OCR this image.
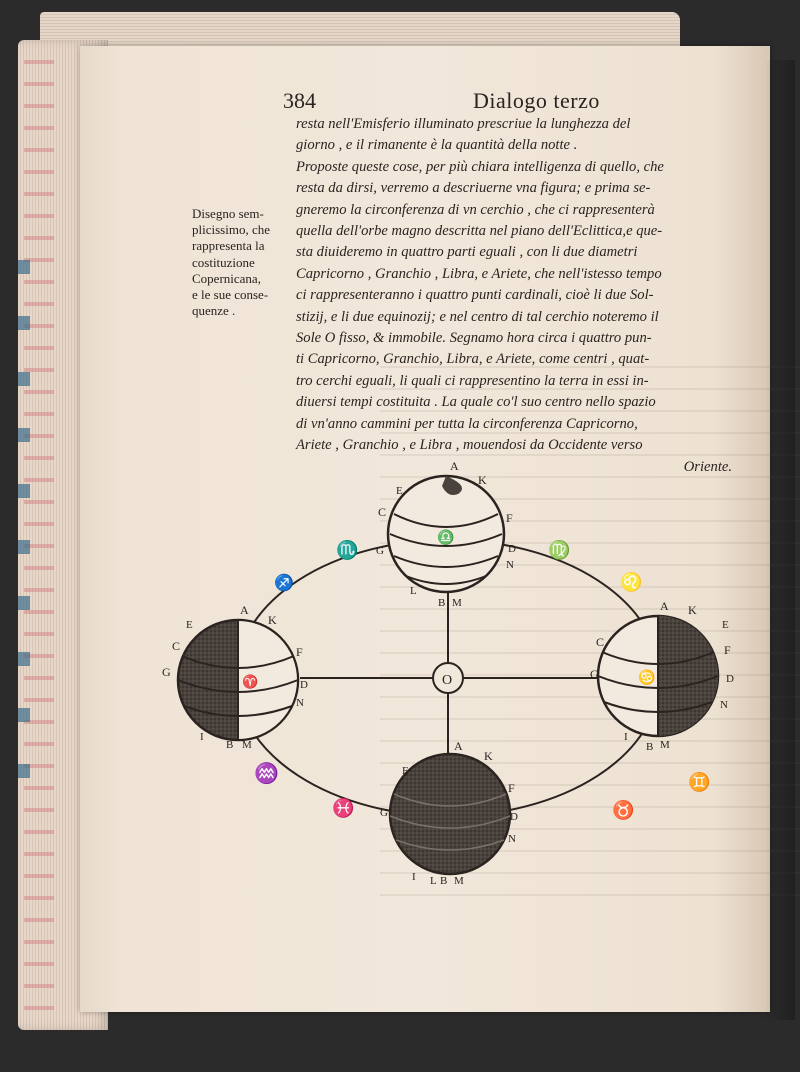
384	Dialogo terzo
Disegno sem-
plicissimo, che
rappresenta la
costituzione
Copernicana,
e le sue conse-
quenze .
resta nell'Emisferio illuminato prescriue la lunghezza del
giorno , e il rimanente è la quantità della notte .
Proposte queste cose, per più chiara intelligenza di quello, che
resta da dirsi, verremo a descriuerne vna figura; e prima se-
gneremo la circonferenza di vn cerchio , che ci rappresenterà
quella dell'orbe magno descritta nel piano dell'Eclittica,e que-
sta diuideremo in quattro parti eguali , con li due diametri
Capricorno , Granchio , Libra, e Ariete, che nell'istesso tempo
ci rappresenteranno i quattro punti cardinali, cioè li due Sol-
stizij, e li due equinozij; e nel centro di tal cerchio noteremo il
Sole O fisso, & immobile. Segnamo hora circa i quattro pun-
ti Capricorno, Granchio, Libra, e Ariete, come centri , quat-
tro cerchi eguali, li quali ci rappresentino la terra in essi in-
diuersi tempi costituita . La quale co'l suo centro nello spazio
di vn'anno cammini per tutta la circonferenza Capricorno,
Ariete , Granchio , e Libra , mouendosi da Occidente verso
Oriente.
O
♎
♈	♋
♏
♐
♍
♌
♒
♓
♊
♉
A
K
E
C	F
G	D
N
L
B M
A
K
E
C
G
F
D
N
I
B M
A K
C
E
F
G	D
N
I
B M
A
K
E
F
G	D
N
I L B M
